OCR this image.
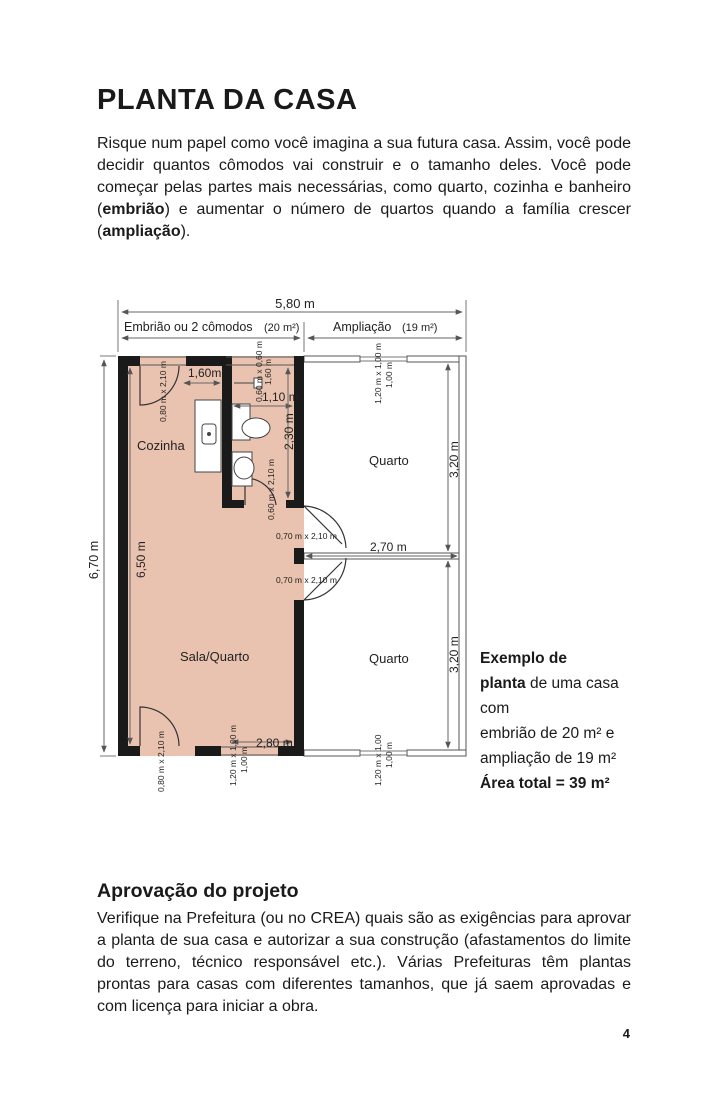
PLANTA DA CASA

Risque num papel como você imagina a sua futura casa. Assim, você pode decidir quantos cômodos vai construir e o tamanho deles. Você pode começar pelas partes mais necessárias, como quarto, cozinha e banheiro (embrião) e aumentar o número de quartos quando a família crescer (ampliação).

5,80 m
Embrião ou 2 cômodos (20 m²)	Ampliação (19 m²)
6,70 m
1,60m
1,10 m
2,30 m
2,70 m
2,80 m
3,20 m
3,20 m
6,50 m
Cozinha
Sala/Quarto
Quarto
Quarto
0,80 m x 2,10 m
0,80 m x 2,10 m
0,60 m x 2,10 m
0,70 m x 2,10 m
0,70 m x 2,10 m
0,60 m x 0,60 m 1,60 m	1,20 m x 1,00 m 1,00 m
1,20 m x 1,00 m 1,00 m	1,20 m x 1,00 1,00 m
Exemplo de
planta de uma casa
com
embrião de 20 m² e
ampliação de 19 m²
Área total = 39 m²
Aprovação do projeto

Verifique na Prefeitura (ou no CREA) quais são as exigências para aprovar a planta de sua casa e autorizar a sua construção (afastamentos do limite do terreno, técnico responsável etc.). Várias Prefeituras têm plantas prontas para casas com diferentes tamanhos, que já saem aprovadas e com licença para iniciar a obra.

4
